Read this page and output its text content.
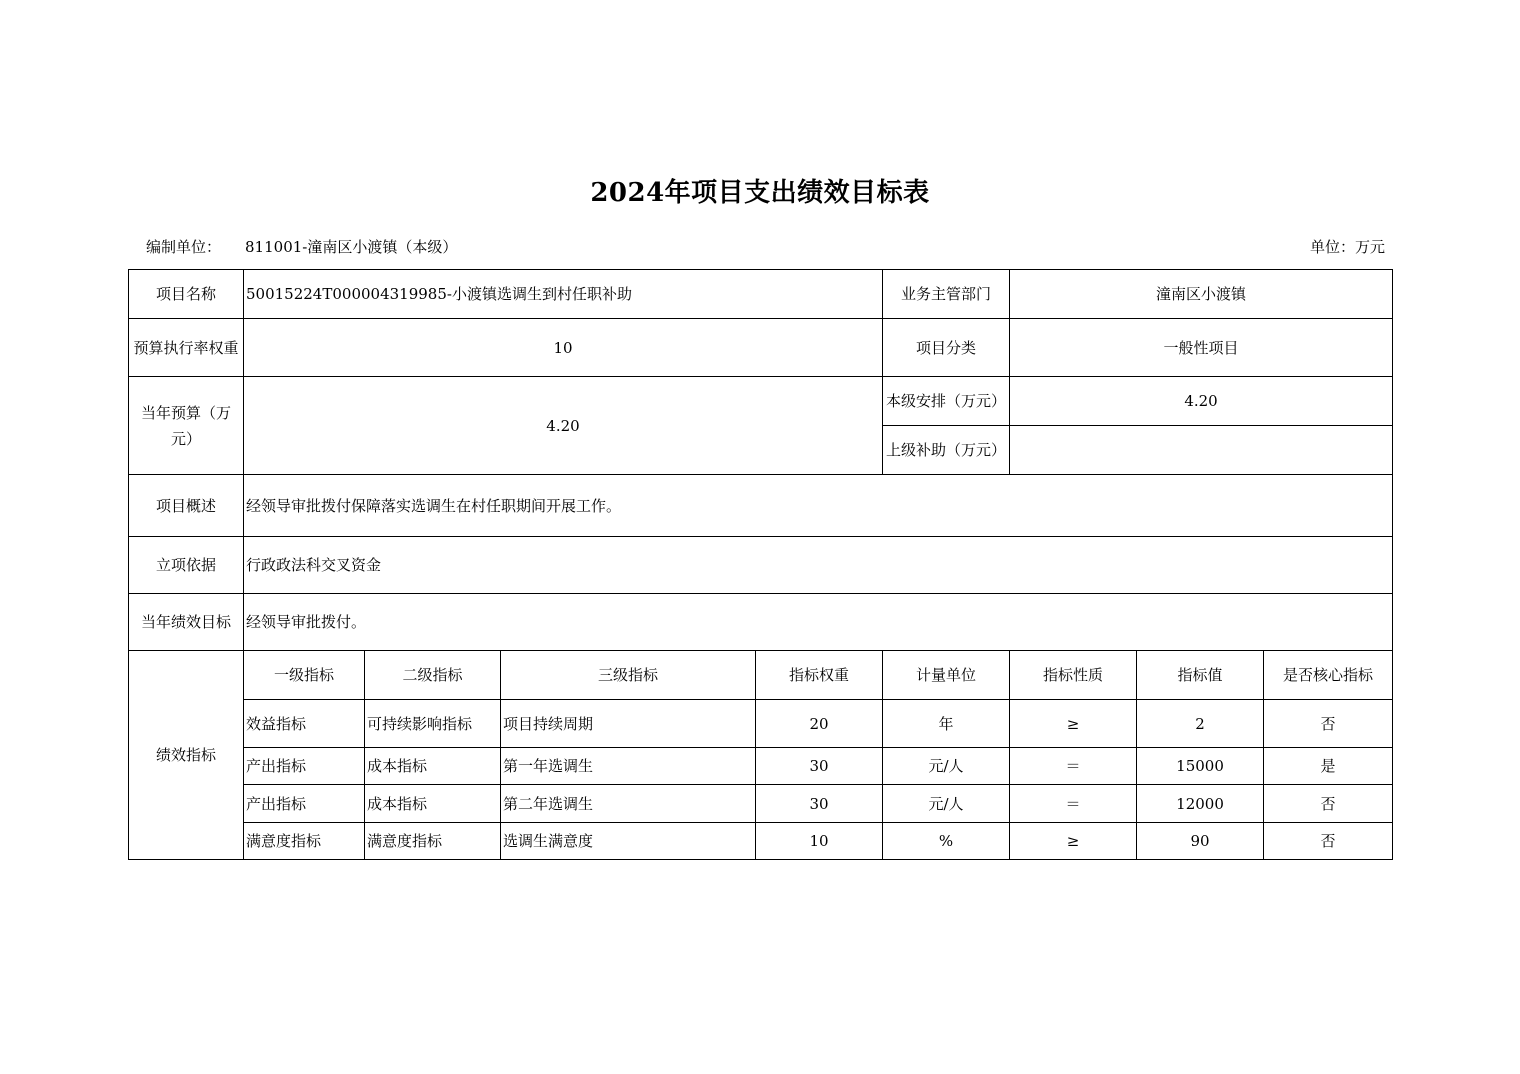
2024年项目支出绩效目标表
编制单位： 811001-潼南区小渡镇（本级）	单位：万元
项目名称	50015224T000004319985-小渡镇选调生到村任职补助				业务主管部门	潼南区小渡镇		
预算执行率权重	10				项目分类	一般性项目		
当年预算（万元）	4.20				本级安排（万元）	4.20		
					上级补助（万元）			
项目概述	经领导审批拨付保障落实选调生在村任职期间开展工作。							
立项依据	行政政法科交叉资金							
当年绩效目标	经领导审批拨付。							
绩效指标	一级指标	二级指标	三级指标	指标权重	计量单位	指标性质	指标值	是否核心指标
	效益指标	可持续影响指标	项目持续周期	20	年	≥	2	否
	产出指标	成本指标	第一年选调生	30	元/人	＝	15000	是
	产出指标	成本指标	第二年选调生	30	元/人	＝	12000	否
	满意度指标	满意度指标	选调生满意度	10	%	≥	90	否
